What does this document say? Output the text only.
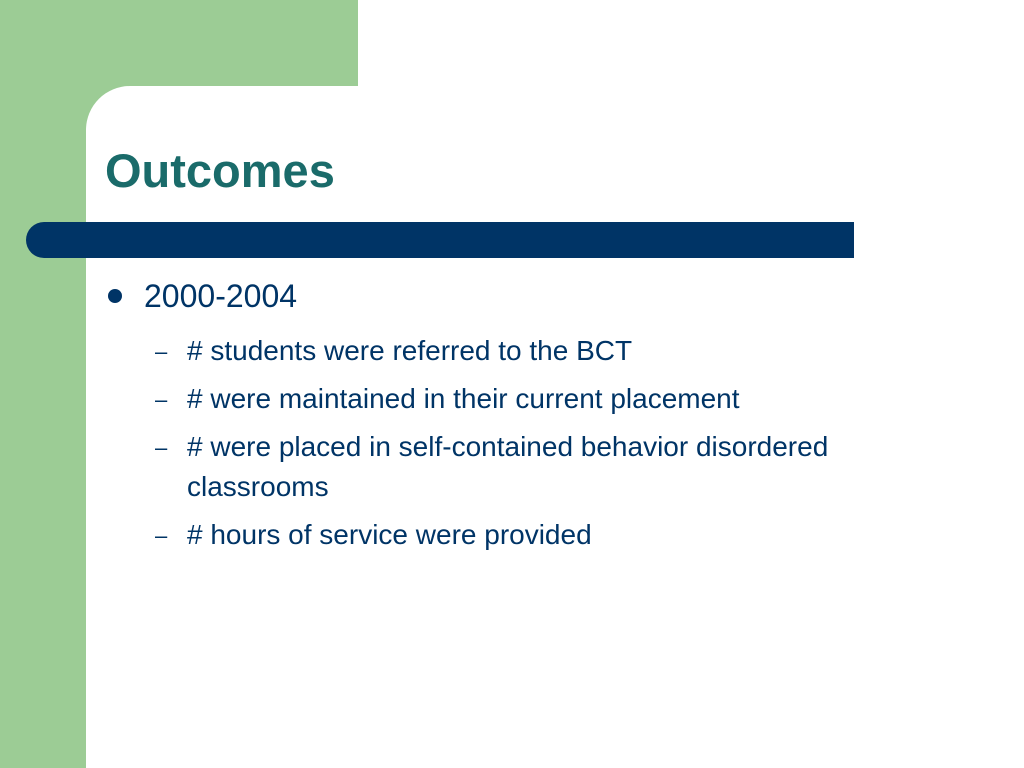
Outcomes
2000-2004
– # students were referred to the BCT
– # were maintained in their current placement
– # were placed in self-contained behavior disordered classrooms
– # hours of service were provided
